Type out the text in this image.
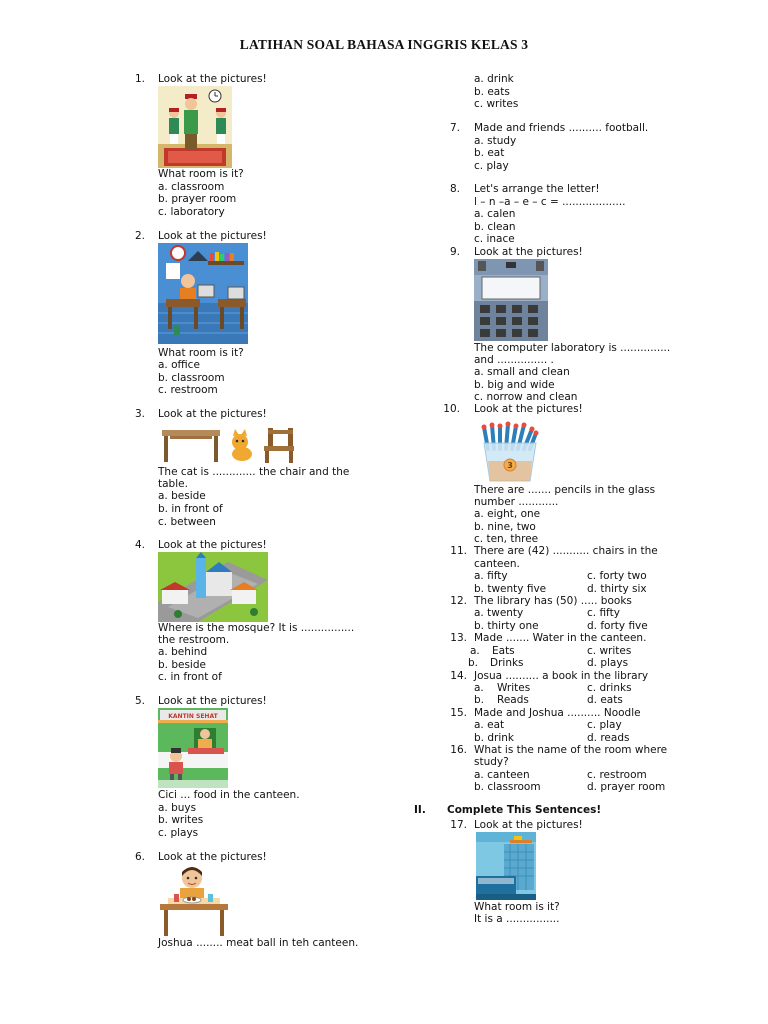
LATIHAN SOAL BAHASA INGGRIS KELAS 3
1. Look at the pictures!
What room is it?
a. classroom
b. prayer room
c. laboratory
2. Look at the pictures!
What room is it?
a. office
b. classroom
c. restroom
3. Look at the pictures!
The cat is ............. the chair and the
table.
a. beside
b. in front of
c. between
4. Look at the pictures!
Where is the mosque? It is ................
the restroom.
a. behind
b. beside
c. in front of
5. Look at the pictures!
KANTIN SEHAT
Cici ... food in the canteen.
a. buys
b. writes
c. plays
6. Look at the pictures!
Joshua ........ meat ball in teh canteen.
a. drink
b. eats
c. writes
7. Made and friends .......... football.
a. study
b. eat
c. play
8. Let's arrange the letter!
l – n –a – e – c = ...................
a. calen
b. clean
c. inace
9. Look at the pictures!
The computer laboratory is ...............
and ............... .
a. small and clean
b. big and wide
c. norrow and clean
10. Look at the pictures!
3
There are ....... pencils in the glass
number ............
a. eight, one
b. nine, two
c. ten, three
11. There are (42) ........... chairs in the
canteen.
a. fifty
b. twenty five
c. forty two
d. thirty six
12. The library has (50) ..... books
a. twenty
b. thirty one
c. fifty
d. forty five
13. Made ....... Water in the canteen.
a. Eats
b. Drinks
c. writes
d. plays
14. Josua .......... a book in the library
a. Writes
b. Reads
c. drinks
d. eats
15. Made and Joshua .......... Noodle
a. eat
b. drink
c. play
d. reads
16. What is the name of the room where
study?
a. canteen
b. classroom
c. restroom
d. prayer room
II. Complete This Sentences!
17. Look at the pictures!
What room is it?
It is a ................
